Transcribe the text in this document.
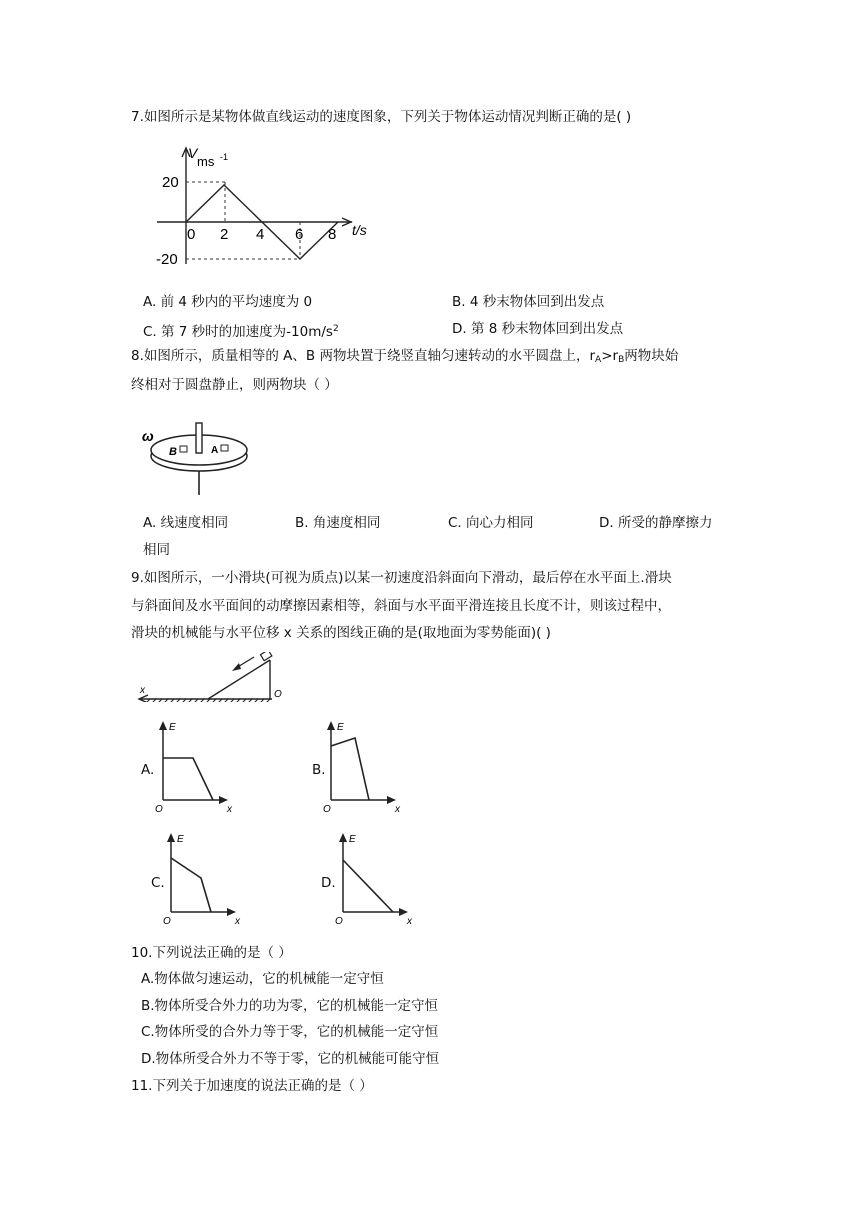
7.如图所示是某物体做直线运动的速度图象，下列关于物体运动情况判断正确的是( )
V
ms -1
20
-20
0 2 4 6 8 t/s
A. 前 4 秒内的平均速度为 0	B. 4 秒末物体回到出发点
C. 第 7 秒时的加速度为$-10m/s^2$	D. 第 8 秒末物体回到出发点
8.如图所示，质量相等的 A、B 两物块置于绕竖直轴匀速转动的水平圆盘上，$r_A>r_B$两物块始
终相对于圆盘静止，则两物块（ ）
ω
B	A
A. 线速度相同	B. 角速度相同	C. 向心力相同	D. 所受的静摩擦力
相同
9.如图所示，一小滑块(可视为质点)以某一初速度沿斜面向下滑动，最后停在水平面上.滑块
与斜面间及水平面间的动摩擦因素相等，斜面与水平面平滑连接且长度不计，则该过程中，
滑块的机械能与水平位移 x 关系的图线正确的是(取地面为零势能面)( )
x	O
A.	B.
C.	D.
E
O	x
E
O	x
E
O	x
E
O	x
10.下列说法正确的是（ ）
A.物体做匀速运动，它的机械能一定守恒
B.物体所受合外力的功为零，它的机械能一定守恒
C.物体所受的合外力等于零，它的机械能一定守恒
D.物体所受合外力不等于零，它的机械能可能守恒
11.下列关于加速度的说法正确的是（ ）
